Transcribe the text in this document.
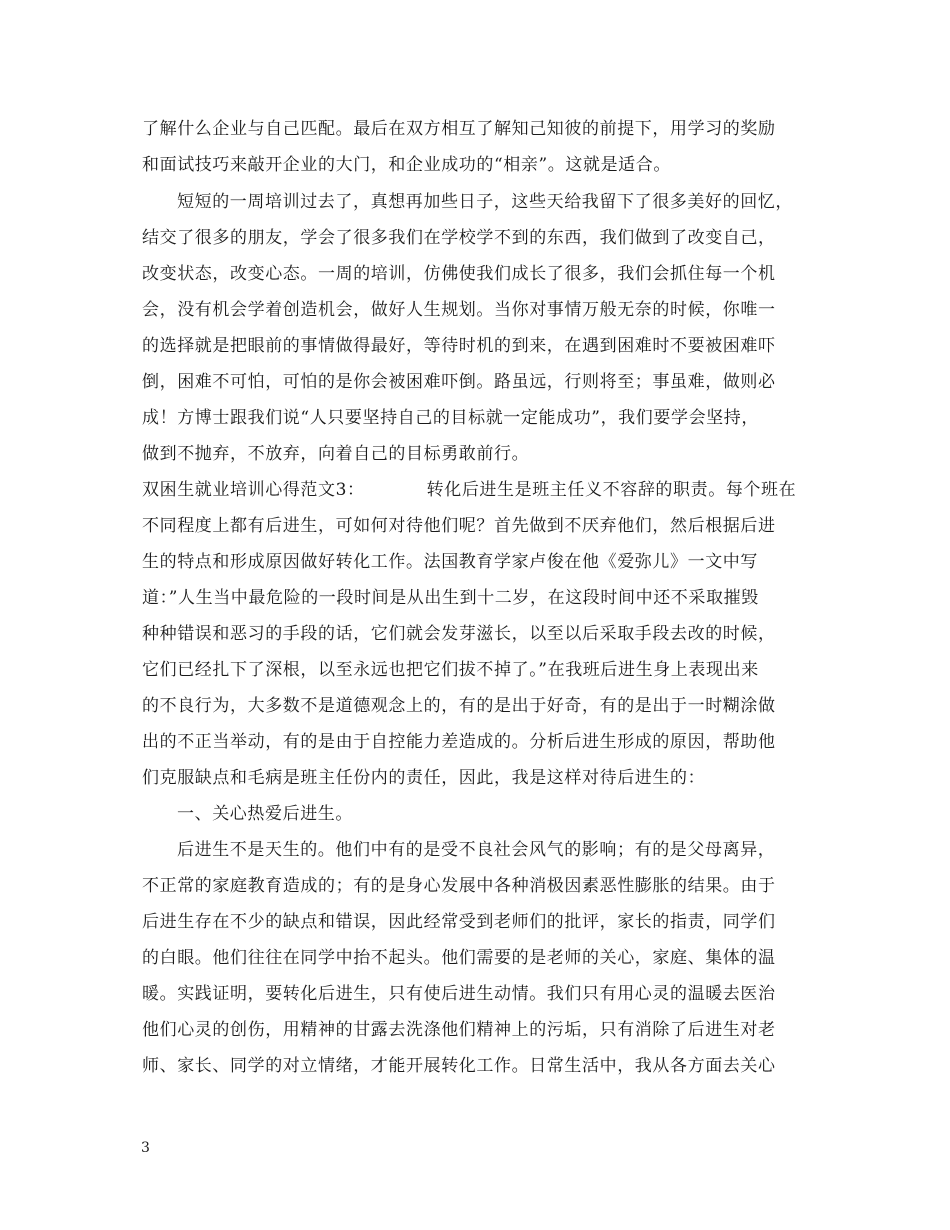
了解什么企业与自己匹配。最后在双方相互了解知己知彼的前提下，用学习的奖励
和面试技巧来敲开企业的大门，和企业成功的“相亲”。这就是适合。
短短的一周培训过去了，真想再加些日子，这些天给我留下了很多美好的回忆，
结交了很多的朋友，学会了很多我们在学校学不到的东西，我们做到了改变自己，
改变状态，改变心态。一周的培训，仿佛使我们成长了很多，我们会抓住每一个机
会，没有机会学着创造机会，做好人生规划。当你对事情万般无奈的时候，你唯一
的选择就是把眼前的事情做得最好，等待时机的到来，在遇到困难时不要被困难吓
倒，困难不可怕，可怕的是你会被困难吓倒。路虽远，行则将至；事虽难，做则必
成！方博士跟我们说“人只要坚持自己的目标就一定能成功”，我们要学会坚持，
做到不抛弃，不放弃，向着自己的目标勇敢前行。
双困生就业培训心得范文3：	转化后进生是班主任义不容辞的职责。每个班在
不同程度上都有后进生，可如何对待他们呢？首先做到不厌弃他们，然后根据后进
生的特点和形成原因做好转化工作。法国教育学家卢俊在他《爱弥儿》一文中写
道：”人生当中最危险的一段时间是从出生到十二岁，在这段时间中还不采取摧毁
种种错误和恶习的手段的话，它们就会发芽滋长，以至以后采取手段去改的时候，
它们已经扎下了深根，以至永远也把它们拔不掉了。”在我班后进生身上表现出来
的不良行为，大多数不是道德观念上的，有的是出于好奇，有的是出于一时糊涂做
出的不正当举动，有的是由于自控能力差造成的。分析后进生形成的原因，帮助他
们克服缺点和毛病是班主任份内的责任，因此，我是这样对待后进生的：
一、关心热爱后进生。
后进生不是天生的。他们中有的是受不良社会风气的影响；有的是父母离异，
不正常的家庭教育造成的；有的是身心发展中各种消极因素恶性膨胀的结果。由于
后进生存在不少的缺点和错误，因此经常受到老师们的批评，家长的指责，同学们
的白眼。他们往往在同学中抬不起头。他们需要的是老师的关心，家庭、集体的温
暖。实践证明，要转化后进生，只有使后进生动情。我们只有用心灵的温暖去医治
他们心灵的创伤，用精神的甘露去洗涤他们精神上的污垢，只有消除了后进生对老
师、家长、同学的对立情绪，才能开展转化工作。日常生活中，我从各方面去关心
3
